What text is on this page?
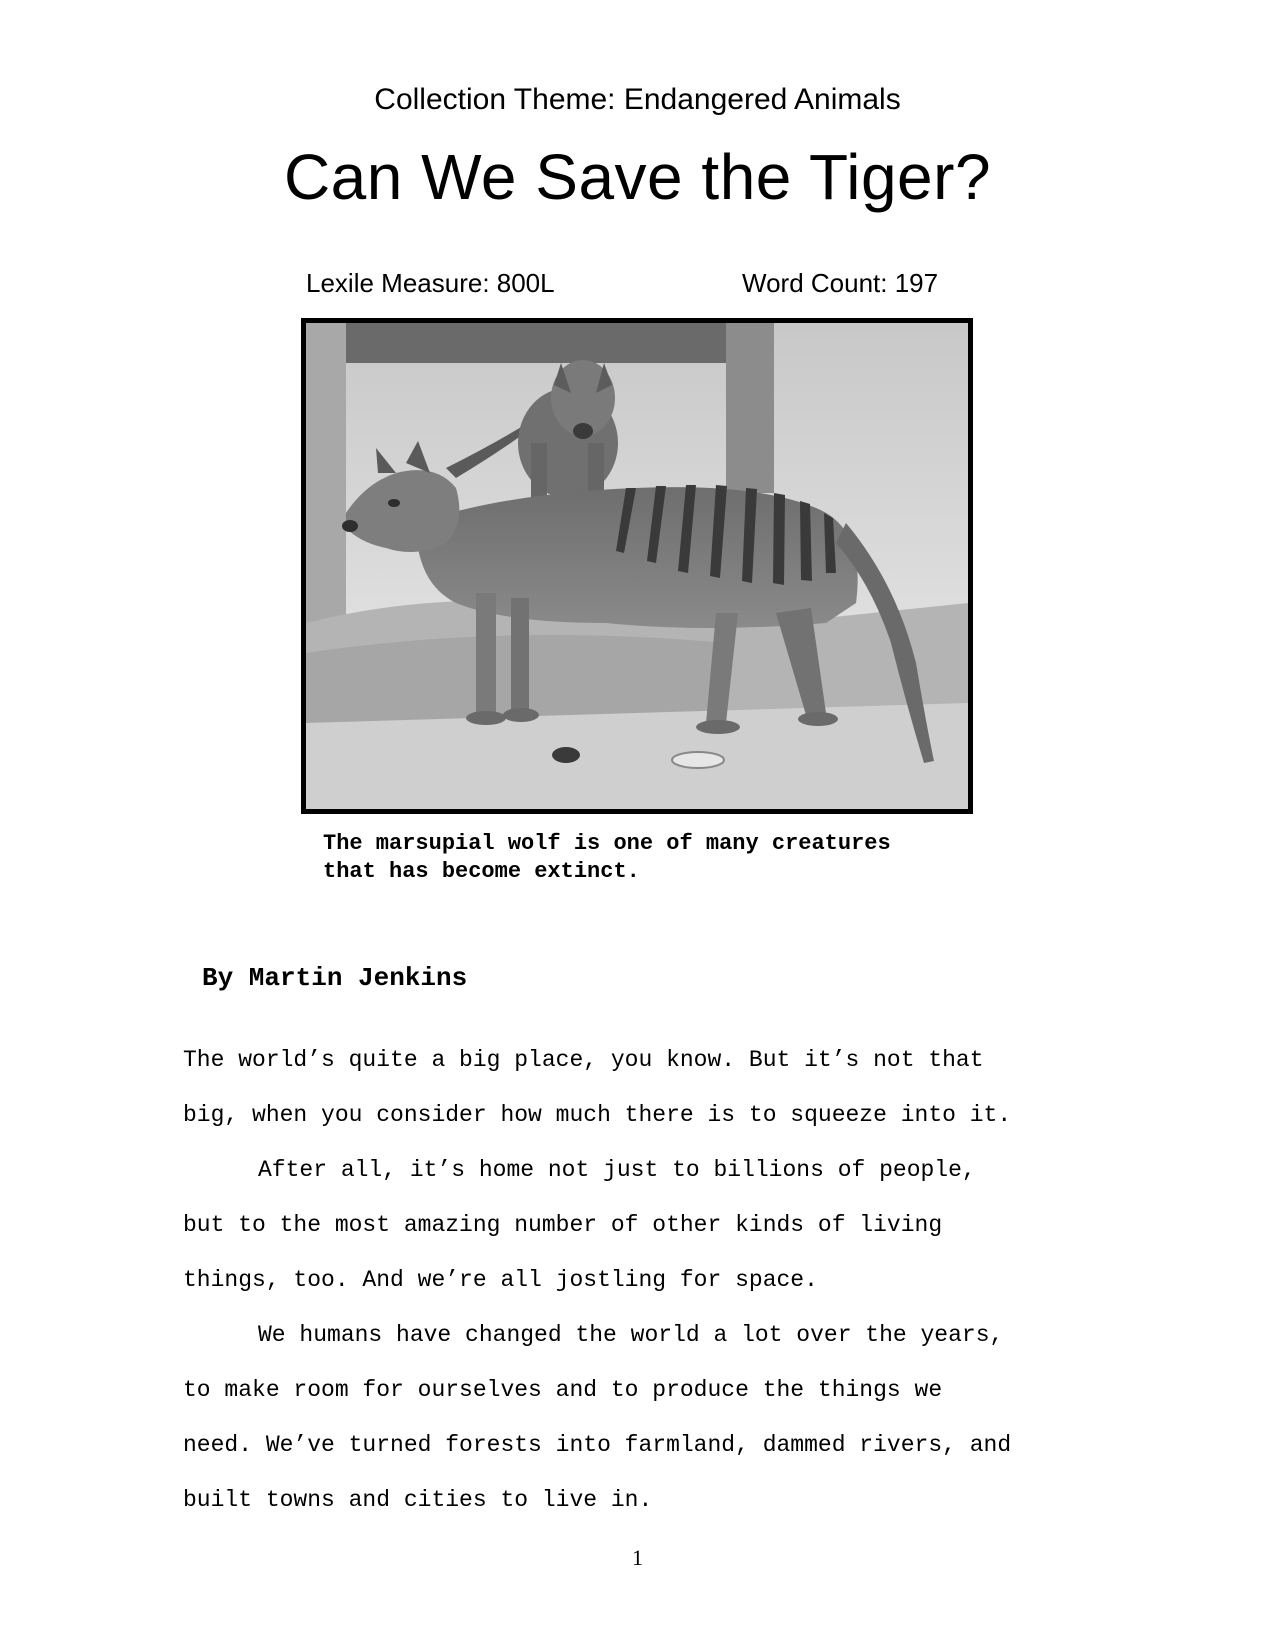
Collection Theme: Endangered Animals
Can We Save the Tiger?
Lexile Measure: 800L	Word Count: 197
The marsupial wolf is one of many creatures
that has become extinct.
By Martin Jenkins

The world’s quite a big place, you know. But it’s not that

big, when you consider how much there is to squeeze into it.

After all, it’s home not just to billions of people,

but to the most amazing number of other kinds of living

things, too. And we’re all jostling for space.

We humans have changed the world a lot over the years,

to make room for ourselves and to produce the things we

need. We’ve turned forests into farmland, dammed rivers, and

built towns and cities to live in.

1
